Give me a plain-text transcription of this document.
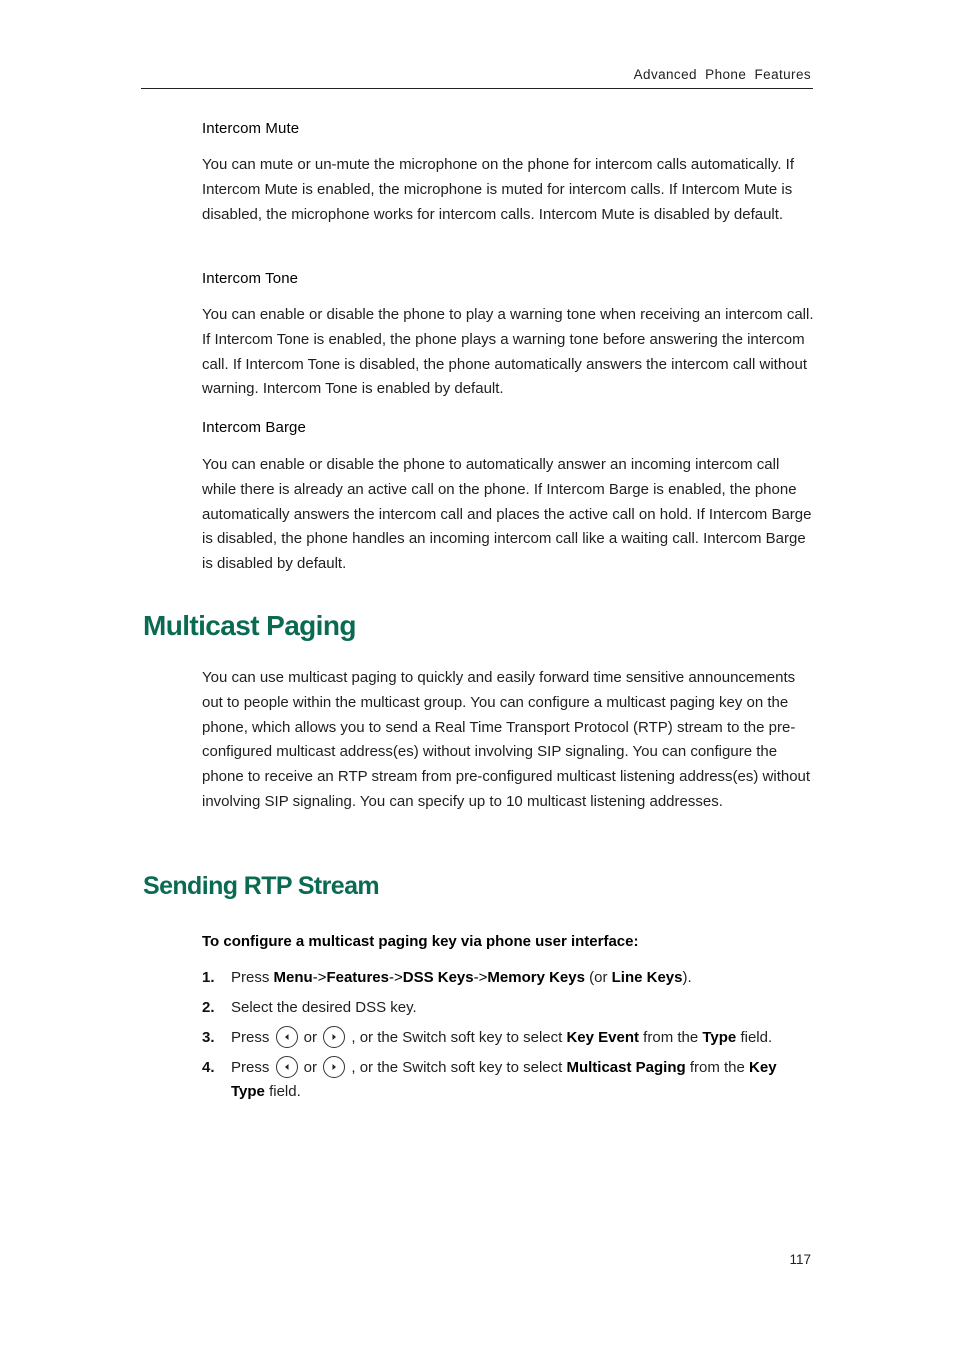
Advanced  Phone  Features
Intercom Mute

You can mute or un-mute the microphone on the phone for intercom calls automatically. If Intercom Mute is enabled, the microphone is muted for intercom calls. If Intercom Mute is disabled, the microphone works for intercom calls. Intercom Mute is disabled by default.

Intercom Tone

You can enable or disable the phone to play a warning tone when receiving an intercom call. If Intercom Tone is enabled, the phone plays a warning tone before answering the intercom call. If Intercom Tone is disabled, the phone automatically answers the intercom call without warning. Intercom Tone is enabled by default.

Intercom Barge

You can enable or disable the phone to automatically answer an incoming intercom call while there is already an active call on the phone. If Intercom Barge is enabled, the phone automatically answers the intercom call and places the active call on hold. If Intercom Barge is disabled, the phone handles an incoming intercom call like a waiting call. Intercom Barge is disabled by default.

Multicast Paging

You can use multicast paging to quickly and easily forward time sensitive announcements out to people within the multicast group. You can configure a multicast paging key on the phone, which allows you to send a Real Time Transport Protocol (RTP) stream to the pre-configured multicast address(es) without involving SIP signaling. You can configure the phone to receive an RTP stream from pre-configured multicast listening address(es) without involving SIP signaling. You can specify up to 10 multicast listening addresses.

Sending RTP Stream
To configure a multicast paging key via phone user interface:
1. Press Menu->Features->DSS Keys->Memory Keys (or Line Keys).
2. Select the desired DSS key.
3. Press
or
, or the Switch soft key to select Key Event from the Type field.
4. Press
or
, or the Switch soft key to select Multicast Paging from the Key Type field.
117
